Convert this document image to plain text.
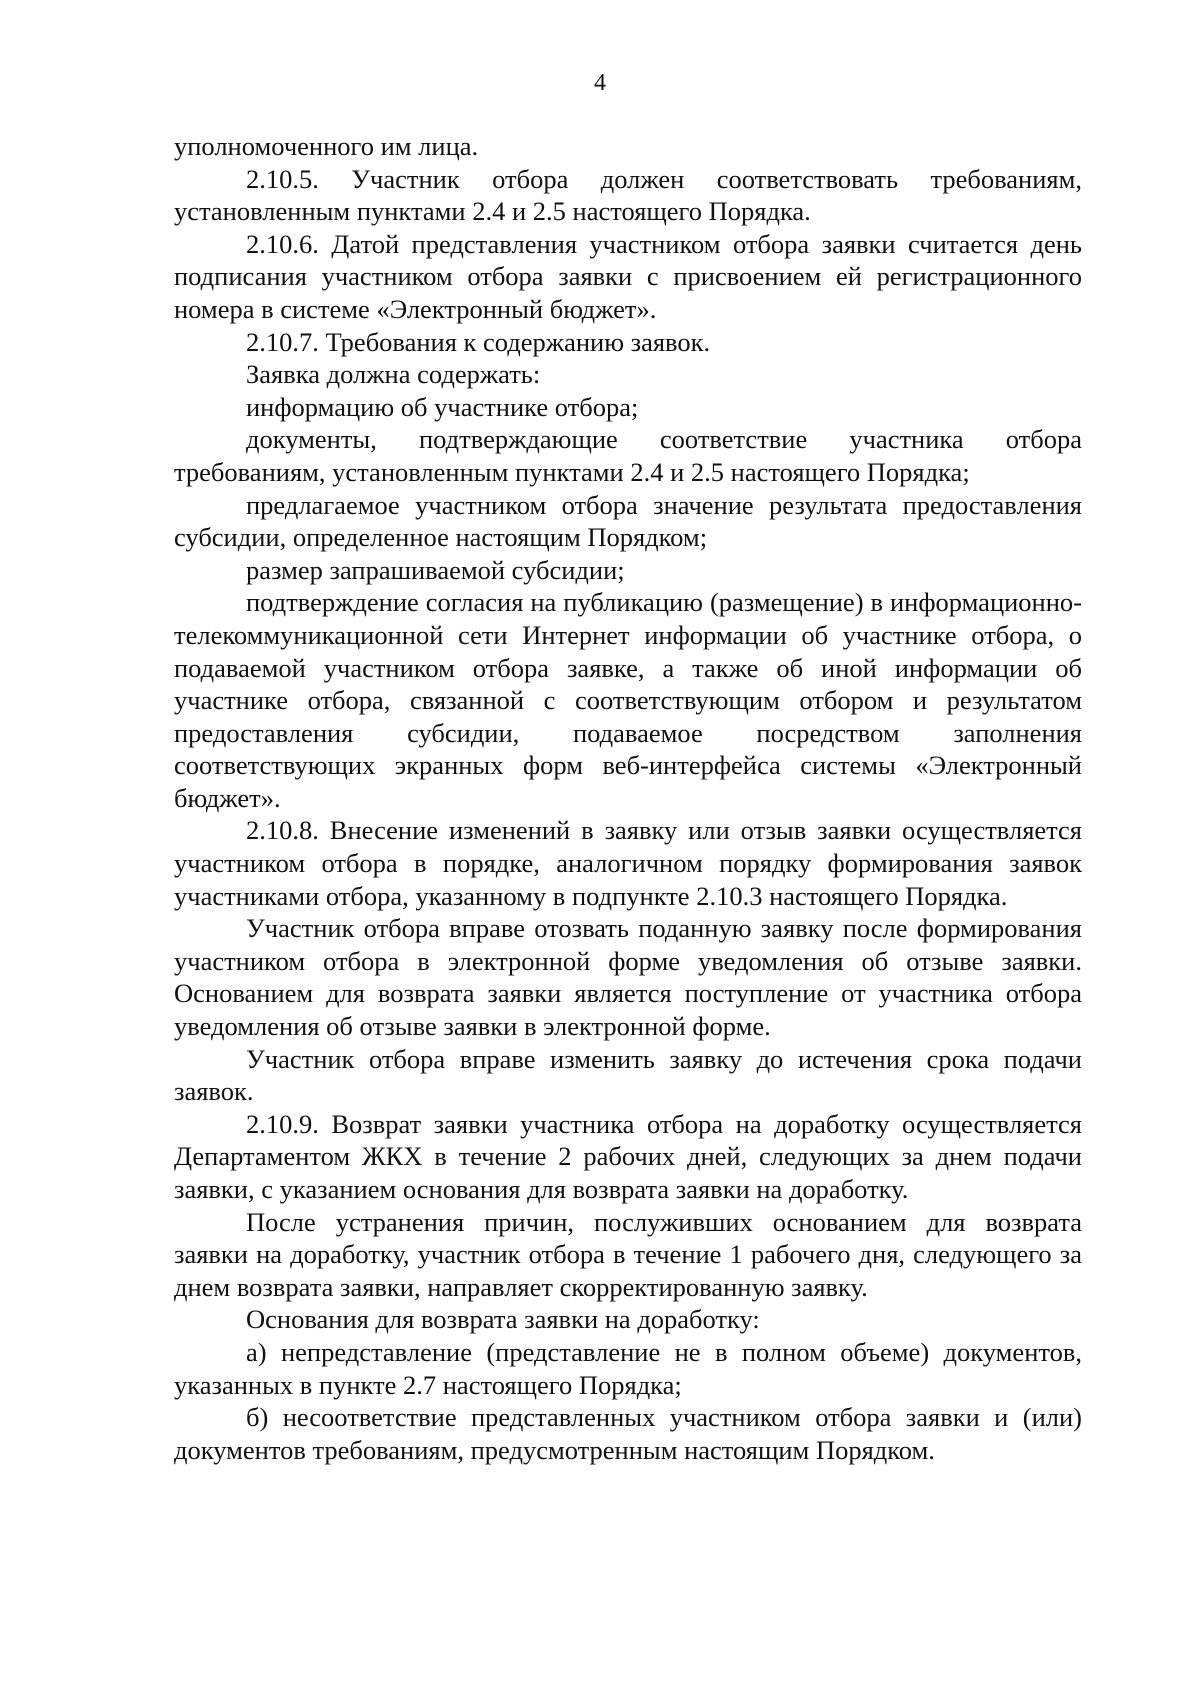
4

уполномоченного им лица.

2.10.5. Участник отбора должен соответствовать требованиям, установленным пунктами 2.4 и 2.5 настоящего Порядка.

2.10.6. Датой представления участником отбора заявки считается день подписания участником отбора заявки с присвоением ей регистрационного номера в системе «Электронный бюджет».

2.10.7. Требования к содержанию заявок.

Заявка должна содержать:

информацию об участнике отбора;

документы, подтверждающие соответствие участника отбора требованиям, установленным пунктами 2.4 и 2.5 настоящего Порядка;

предлагаемое участником отбора значение результата предоставления субсидии, определенное настоящим Порядком;

размер запрашиваемой субсидии;

подтверждение согласия на публикацию (размещение) в информационно-телекоммуникационной сети Интернет информации об участнике отбора, о подаваемой участником отбора заявке, а также об иной информации об участнике отбора, связанной с соответствующим отбором и результатом предоставления субсидии, подаваемое посредством заполнения соответствующих экранных форм веб-интерфейса системы «Электронный бюджет».

2.10.8. Внесение изменений в заявку или отзыв заявки осуществляется участником отбора в порядке, аналогичном порядку формирования заявок участниками отбора, указанному в подпункте 2.10.3 настоящего Порядка.

Участник отбора вправе отозвать поданную заявку после формирования участником отбора в электронной форме уведомления об отзыве заявки. Основанием для возврата заявки является поступление от участника отбора уведомления об отзыве заявки в электронной форме.

Участник отбора вправе изменить заявку до истечения срока подачи заявок.

2.10.9. Возврат заявки участника отбора на доработку осуществляется Департаментом ЖКХ в течение 2 рабочих дней, следующих за днем подачи заявки, с указанием основания для возврата заявки на доработку.

После устранения причин, послуживших основанием для возврата заявки на доработку, участник отбора в течение 1 рабочего дня, следующего за днем возврата заявки, направляет скорректированную заявку.

Основания для возврата заявки на доработку:

а) непредставление (представление не в полном объеме) документов, указанных в пункте 2.7 настоящего Порядка;

б) несоответствие представленных участником отбора заявки и (или) документов требованиям, предусмотренным настоящим Порядком.
